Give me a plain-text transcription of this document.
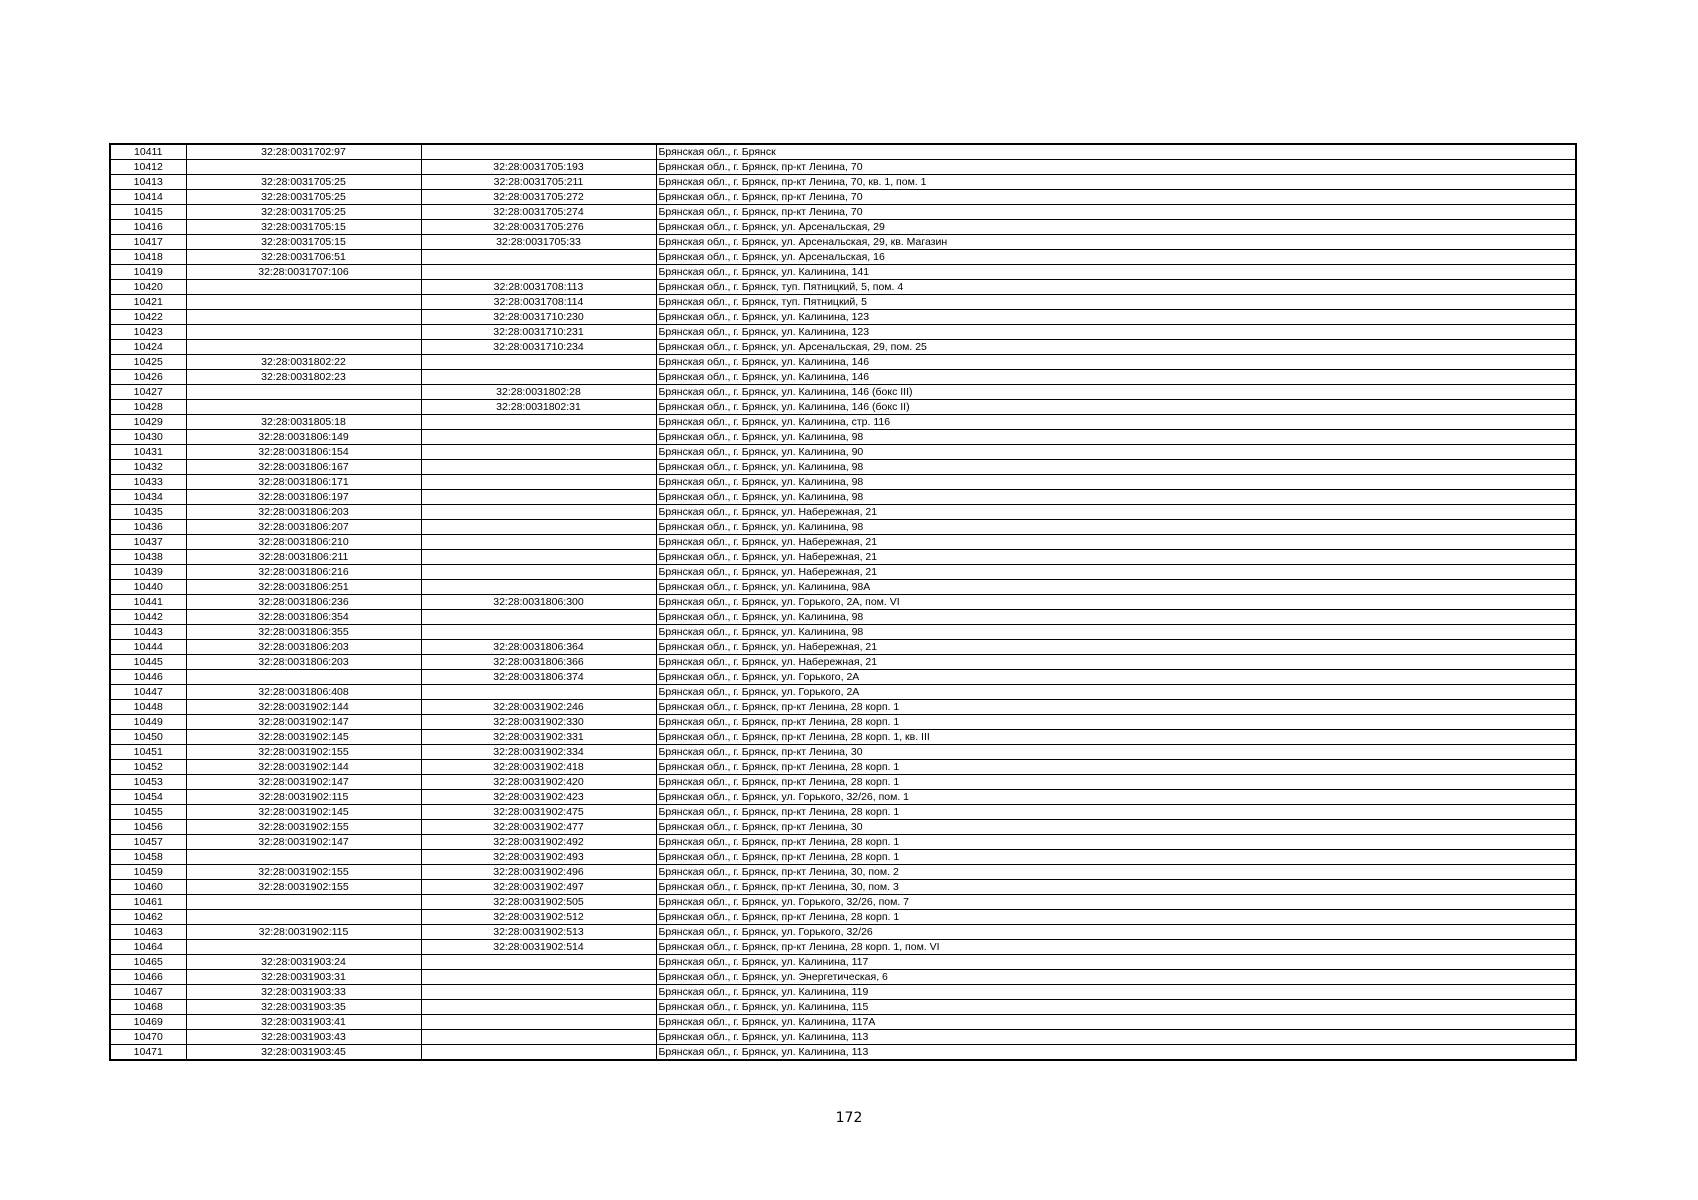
10411	32:28:0031702:97		Брянская обл., г. Брянск
10412		32:28:0031705:193	Брянская обл., г. Брянск, пр-кт Ленина, 70
10413	32:28:0031705:25	32:28:0031705:211	Брянская обл., г. Брянск, пр-кт Ленина, 70, кв. 1, пом. 1
10414	32:28:0031705:25	32:28:0031705:272	Брянская обл., г. Брянск, пр-кт Ленина, 70
10415	32:28:0031705:25	32:28:0031705:274	Брянская обл., г. Брянск, пр-кт Ленина, 70
10416	32:28:0031705:15	32:28:0031705:276	Брянская обл., г. Брянск, ул. Арсенальская, 29
10417	32:28:0031705:15	32:28:0031705:33	Брянская обл., г. Брянск, ул. Арсенальская, 29, кв. Магазин
10418	32:28:0031706:51		Брянская обл., г. Брянск, ул. Арсенальская, 16
10419	32:28:0031707:106		Брянская обл., г. Брянск, ул. Калинина, 141
10420		32:28:0031708:113	Брянская обл., г. Брянск, туп. Пятницкий, 5, пом. 4
10421		32:28:0031708:114	Брянская обл., г. Брянск, туп. Пятницкий, 5
10422		32:28:0031710:230	Брянская обл., г. Брянск, ул. Калинина, 123
10423		32:28:0031710:231	Брянская обл., г. Брянск, ул. Калинина, 123
10424		32:28:0031710:234	Брянская обл., г. Брянск, ул. Арсенальская, 29, пом. 25
10425	32:28:0031802:22		Брянская обл., г. Брянск, ул. Калинина, 146
10426	32:28:0031802:23		Брянская обл., г. Брянск, ул. Калинина, 146
10427		32:28:0031802:28	Брянская обл., г. Брянск, ул. Калинина, 146 (бокс III)
10428		32:28:0031802:31	Брянская обл., г. Брянск, ул. Калинина, 146 (бокс II)
10429	32:28:0031805:18		Брянская обл., г. Брянск, ул. Калинина, стр. 116
10430	32:28:0031806:149		Брянская обл., г. Брянск, ул. Калинина, 98
10431	32:28:0031806:154		Брянская обл., г. Брянск, ул. Калинина, 90
10432	32:28:0031806:167		Брянская обл., г. Брянск, ул. Калинина, 98
10433	32:28:0031806:171		Брянская обл., г. Брянск, ул. Калинина, 98
10434	32:28:0031806:197		Брянская обл., г. Брянск, ул. Калинина, 98
10435	32:28:0031806:203		Брянская обл., г. Брянск, ул. Набережная, 21
10436	32:28:0031806:207		Брянская обл., г. Брянск, ул. Калинина, 98
10437	32:28:0031806:210		Брянская обл., г. Брянск, ул. Набережная, 21
10438	32:28:0031806:211		Брянская обл., г. Брянск, ул. Набережная, 21
10439	32:28:0031806:216		Брянская обл., г. Брянск, ул. Набережная, 21
10440	32:28:0031806:251		Брянская обл., г. Брянск, ул. Калинина, 98А
10441	32:28:0031806:236	32:28:0031806:300	Брянская обл., г. Брянск, ул. Горького, 2А, пом. VI
10442	32:28:0031806:354		Брянская обл., г. Брянск, ул. Калинина, 98
10443	32:28:0031806:355		Брянская обл., г. Брянск, ул. Калинина, 98
10444	32:28:0031806:203	32:28:0031806:364	Брянская обл., г. Брянск, ул. Набережная, 21
10445	32:28:0031806:203	32:28:0031806:366	Брянская обл., г. Брянск, ул. Набережная, 21
10446		32:28:0031806:374	Брянская обл., г. Брянск, ул. Горького, 2А
10447	32:28:0031806:408		Брянская обл., г. Брянск, ул. Горького, 2А
10448	32:28:0031902:144	32:28:0031902:246	Брянская обл., г. Брянск, пр-кт Ленина, 28 корп. 1
10449	32:28:0031902:147	32:28:0031902:330	Брянская обл., г. Брянск, пр-кт Ленина, 28 корп. 1
10450	32:28:0031902:145	32:28:0031902:331	Брянская обл., г. Брянск, пр-кт Ленина, 28 корп. 1, кв. III
10451	32:28:0031902:155	32:28:0031902:334	Брянская обл., г. Брянск, пр-кт Ленина, 30
10452	32:28:0031902:144	32:28:0031902:418	Брянская обл., г. Брянск, пр-кт Ленина, 28 корп. 1
10453	32:28:0031902:147	32:28:0031902:420	Брянская обл., г. Брянск, пр-кт Ленина, 28 корп. 1
10454	32:28:0031902:115	32:28:0031902:423	Брянская обл., г. Брянск, ул. Горького, 32/26, пом. 1
10455	32:28:0031902:145	32:28:0031902:475	Брянская обл., г. Брянск, пр-кт Ленина, 28 корп. 1
10456	32:28:0031902:155	32:28:0031902:477	Брянская обл., г. Брянск, пр-кт Ленина, 30
10457	32:28:0031902:147	32:28:0031902:492	Брянская обл., г. Брянск, пр-кт Ленина, 28 корп. 1
10458		32:28:0031902:493	Брянская обл., г. Брянск, пр-кт Ленина, 28 корп. 1
10459	32:28:0031902:155	32:28:0031902:496	Брянская обл., г. Брянск, пр-кт Ленина, 30, пом. 2
10460	32:28:0031902:155	32:28:0031902:497	Брянская обл., г. Брянск, пр-кт Ленина, 30, пом. 3
10461		32:28:0031902:505	Брянская обл., г. Брянск, ул. Горького, 32/26, пом. 7
10462		32:28:0031902:512	Брянская обл., г. Брянск, пр-кт Ленина, 28 корп. 1
10463	32:28:0031902:115	32:28:0031902:513	Брянская обл., г. Брянск, ул. Горького, 32/26
10464		32:28:0031902:514	Брянская обл., г. Брянск, пр-кт Ленина, 28 корп. 1, пом. VI
10465	32:28:0031903:24		Брянская обл., г. Брянск, ул. Калинина, 117
10466	32:28:0031903:31		Брянская обл., г. Брянск, ул. Энергетическая, 6
10467	32:28:0031903:33		Брянская обл., г. Брянск, ул. Калинина, 119
10468	32:28:0031903:35		Брянская обл., г. Брянск, ул. Калинина, 115
10469	32:28:0031903:41		Брянская обл., г. Брянск, ул. Калинина, 117А
10470	32:28:0031903:43		Брянская обл., г. Брянск, ул. Калинина, 113
10471	32:28:0031903:45		Брянская обл., г. Брянск, ул. Калинина, 113
172
